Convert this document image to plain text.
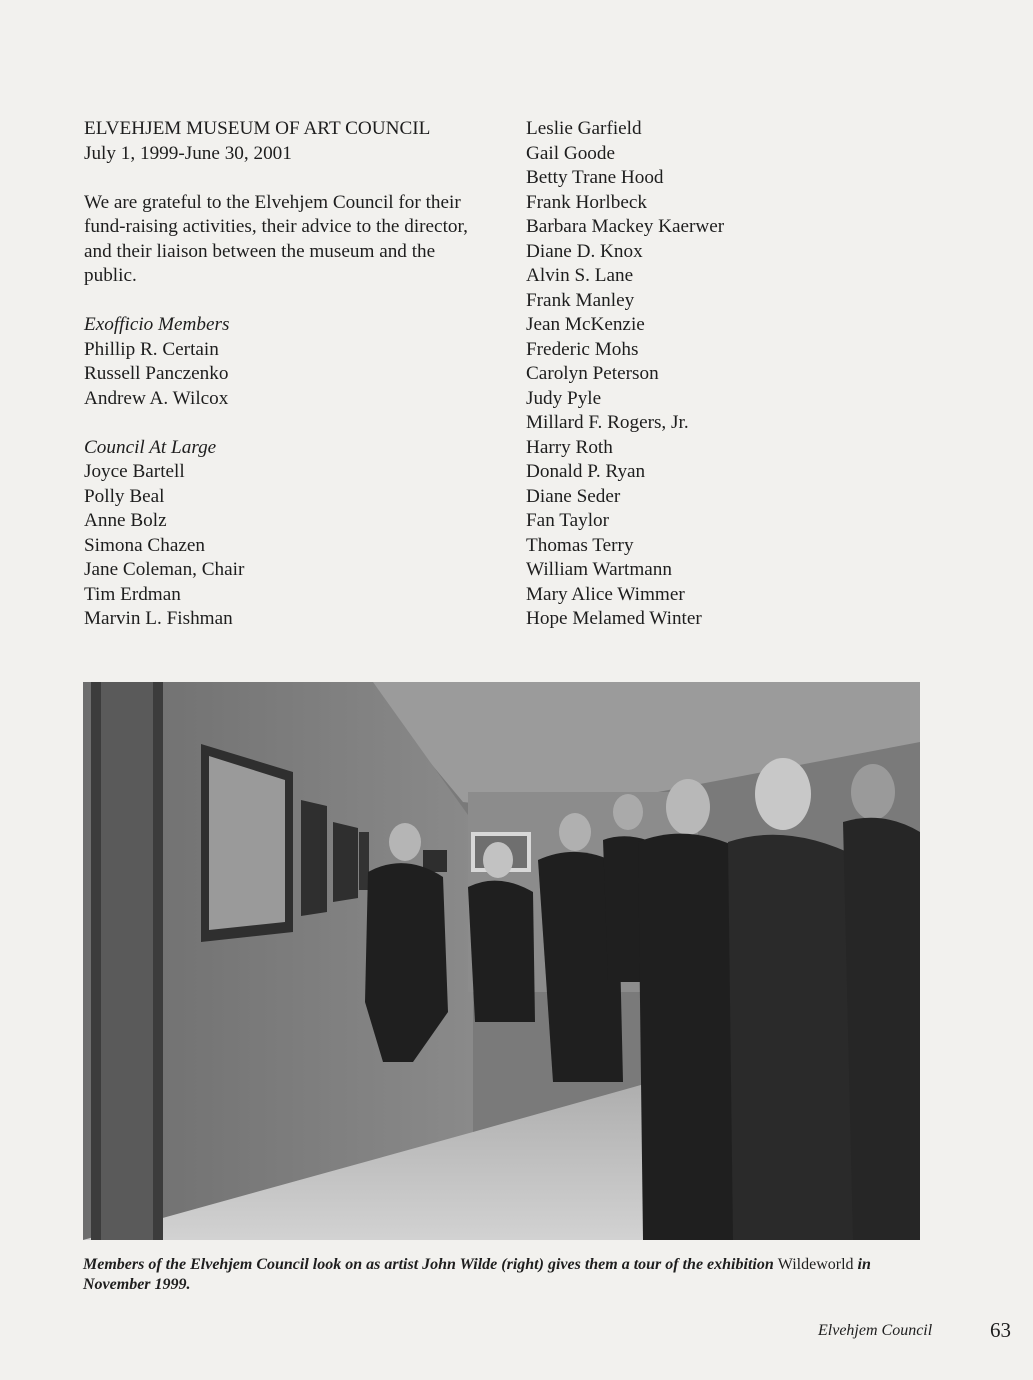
ELVEHJEM MUSEUM OF ART COUNCIL
July 1, 1999-June 30, 2001
We are grateful to the Elvehjem Council for their
fund-raising activities, their advice to the director,
and their liaison between the museum and the
public.
Exofficio Members
Phillip R. Certain
Russell Panczenko
Andrew A. Wilcox
Council At Large
Joyce Bartell
Polly Beal
Anne Bolz
Simona Chazen
Jane Coleman, Chair
Tim Erdman
Marvin L. Fishman
Leslie Garfield
Gail Goode
Betty Trane Hood
Frank Horlbeck
Barbara Mackey Kaerwer
Diane D. Knox
Alvin S. Lane
Frank Manley
Jean McKenzie
Frederic Mohs
Carolyn Peterson
Judy Pyle
Millard F. Rogers, Jr.
Harry Roth
Donald P. Ryan
Diane Seder
Fan Taylor
Thomas Terry
William Wartmann
Mary Alice Wimmer
Hope Melamed Winter
Members of the Elvehjem Council look on as artist John Wilde (right) gives them a tour of the exhibition Wildeworld in November 1999.
Elvehjem Council	63
